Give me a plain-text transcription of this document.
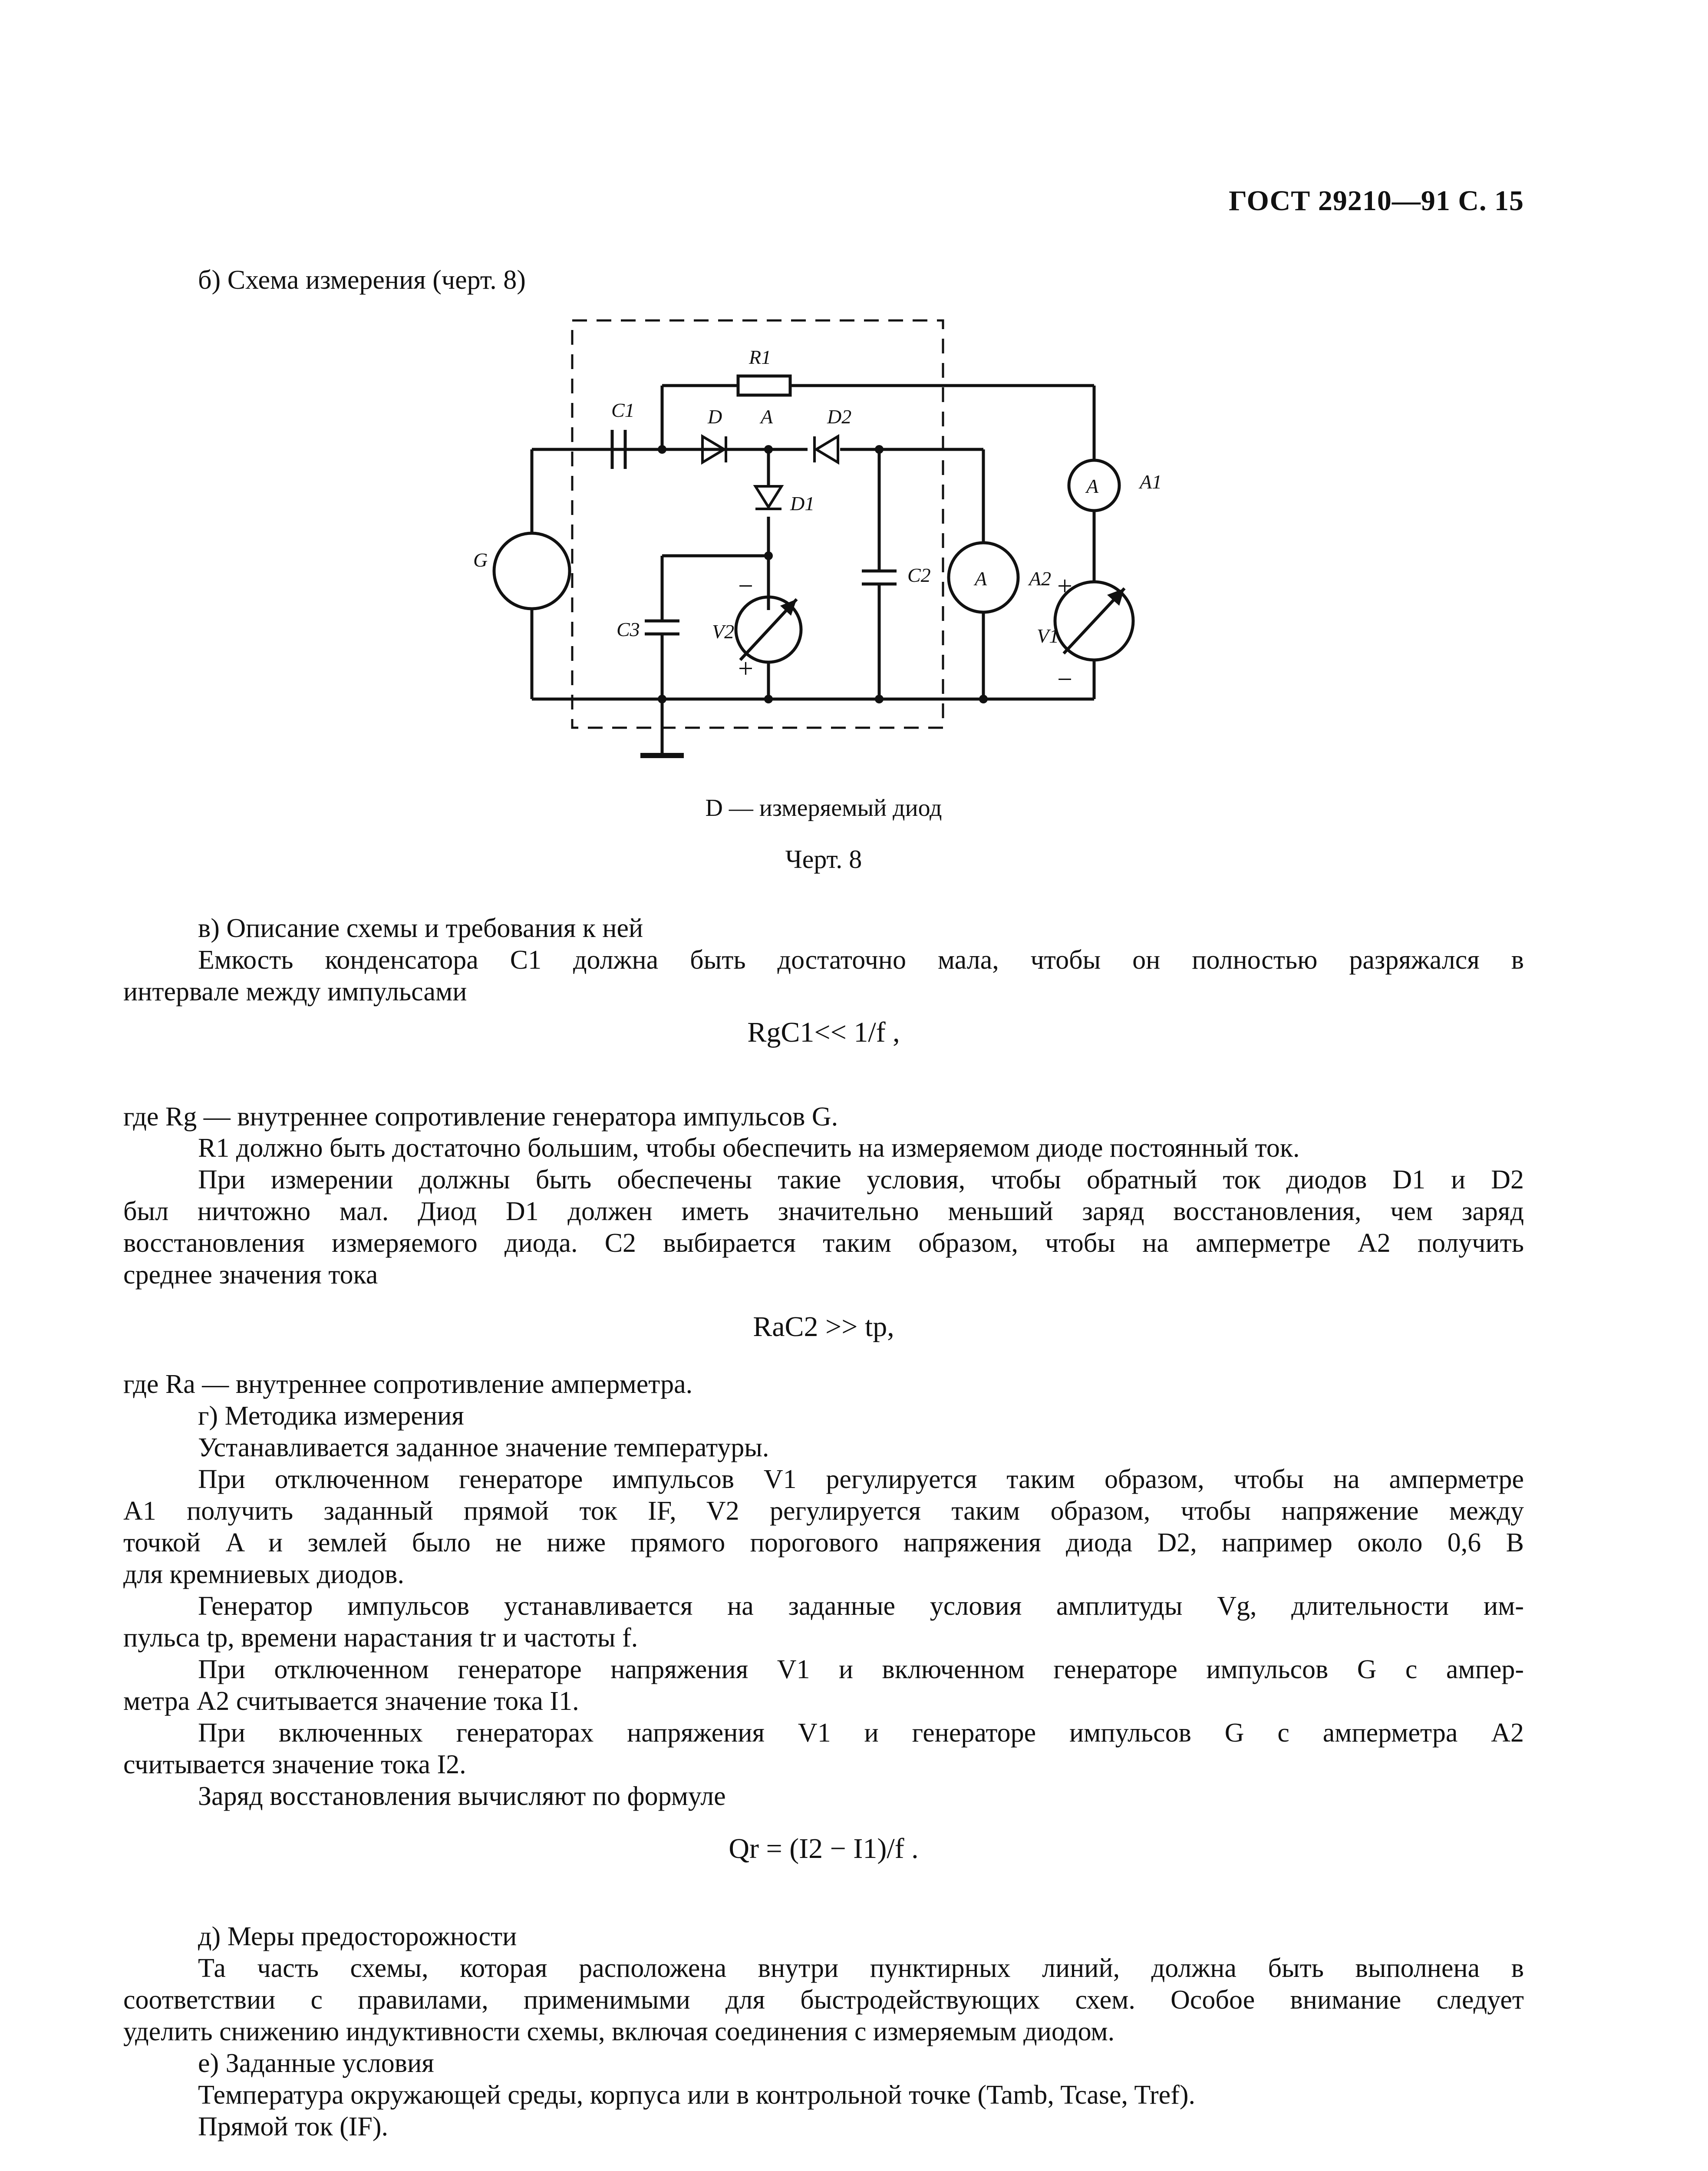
ГОСТ 29210—91 С. 15
б) Схема измерения (черт. 8)
R1
C1	D A	D2
D1
G
C3	V2
C2	A2
A1
V1
A
A
+
−	+
−
D — измеряемый диод
Черт. 8
в) Описание схемы и требования к ней
Емкость конденсатора C1 должна быть достаточно мала, чтобы он полностью разряжался в
интервале между импульсами
RgC1<< 1/f ,
где Rg — внутреннее сопротивление генератора импульсов G.
R1 должно быть достаточно большим, чтобы обеспечить на измеряемом диоде постоянный ток.
При измерении должны быть обеспечены такие условия, чтобы обратный ток диодов D1 и D2
был ничтожно мал. Диод D1 должен иметь значительно меньший заряд восстановления, чем заряд
восстановления измеряемого диода. C2 выбирается таким образом, чтобы на амперметре A2 получить
среднее значения тока
RaC2 >> tp,
где Ra — внутреннее сопротивление амперметра.
г) Методика измерения
Устанавливается заданное значение температуры.
При отключенном генераторе импульсов V1 регулируется таким образом, чтобы на амперметре
A1 получить заданный прямой ток IF, V2 регулируется таким образом, чтобы напряжение между
точкой A и землей было не ниже прямого порогового напряжения диода D2, например около 0,6 В
для кремниевых диодов.
Генератор импульсов устанавливается на заданные условия амплитуды Vg, длительности им-
пульса tp, времени нарастания tr и частоты f.
При отключенном генераторе напряжения V1 и включенном генераторе импульсов G с ампер-
метра A2 считывается значение тока I1.
При включенных генераторах напряжения V1 и генераторе импульсов G с амперметра A2
считывается значение тока I2.
Заряд восстановления вычисляют по формуле
Qr = (I2 − I1)/f .
д) Меры предосторожности
Та часть схемы, которая расположена внутри пунктирных линий, должна быть выполнена в
соответствии с правилами, применимыми для быстродействующих схем. Особое внимание следует
уделить снижению индуктивности схемы, включая соединения с измеряемым диодом.
е) Заданные условия
Температура окружающей среды, корпуса или в контрольной точке (Tamb, Tcase, Tref).
Прямой ток (IF).
